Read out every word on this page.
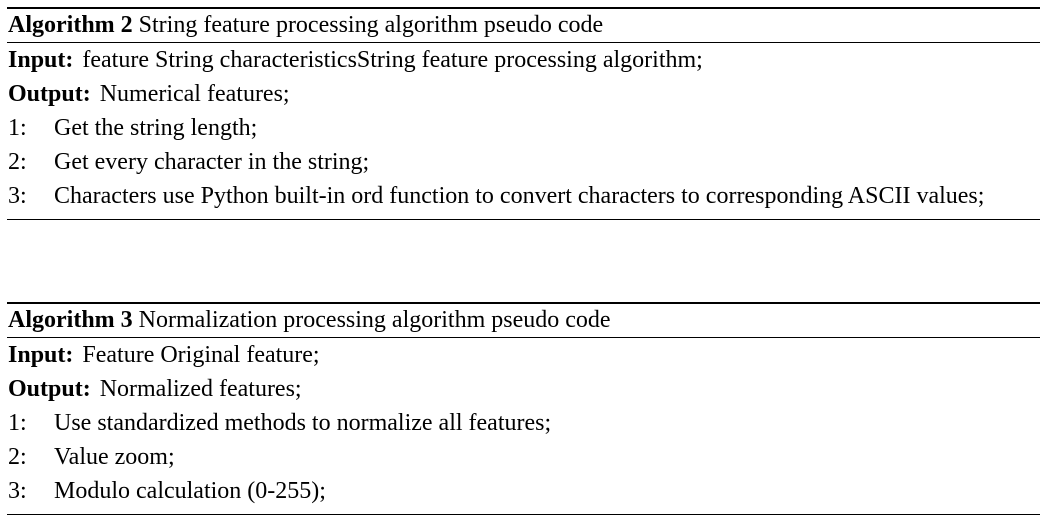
Algorithm 2 String feature processing algorithm pseudo code
Input: feature String characteristicsString feature processing algorithm;
Output: Numerical features;
1:	Get the string length;
2:	Get every character in the string;
3:	Characters use Python built-in ord function to convert characters to corresponding ASCII values;
Algorithm 3 Normalization processing algorithm pseudo code
Input: Feature Original feature;
Output: Normalized features;
1:	Use standardized methods to normalize all features;
2:	Value zoom;
3:	Modulo calculation (0-255);
